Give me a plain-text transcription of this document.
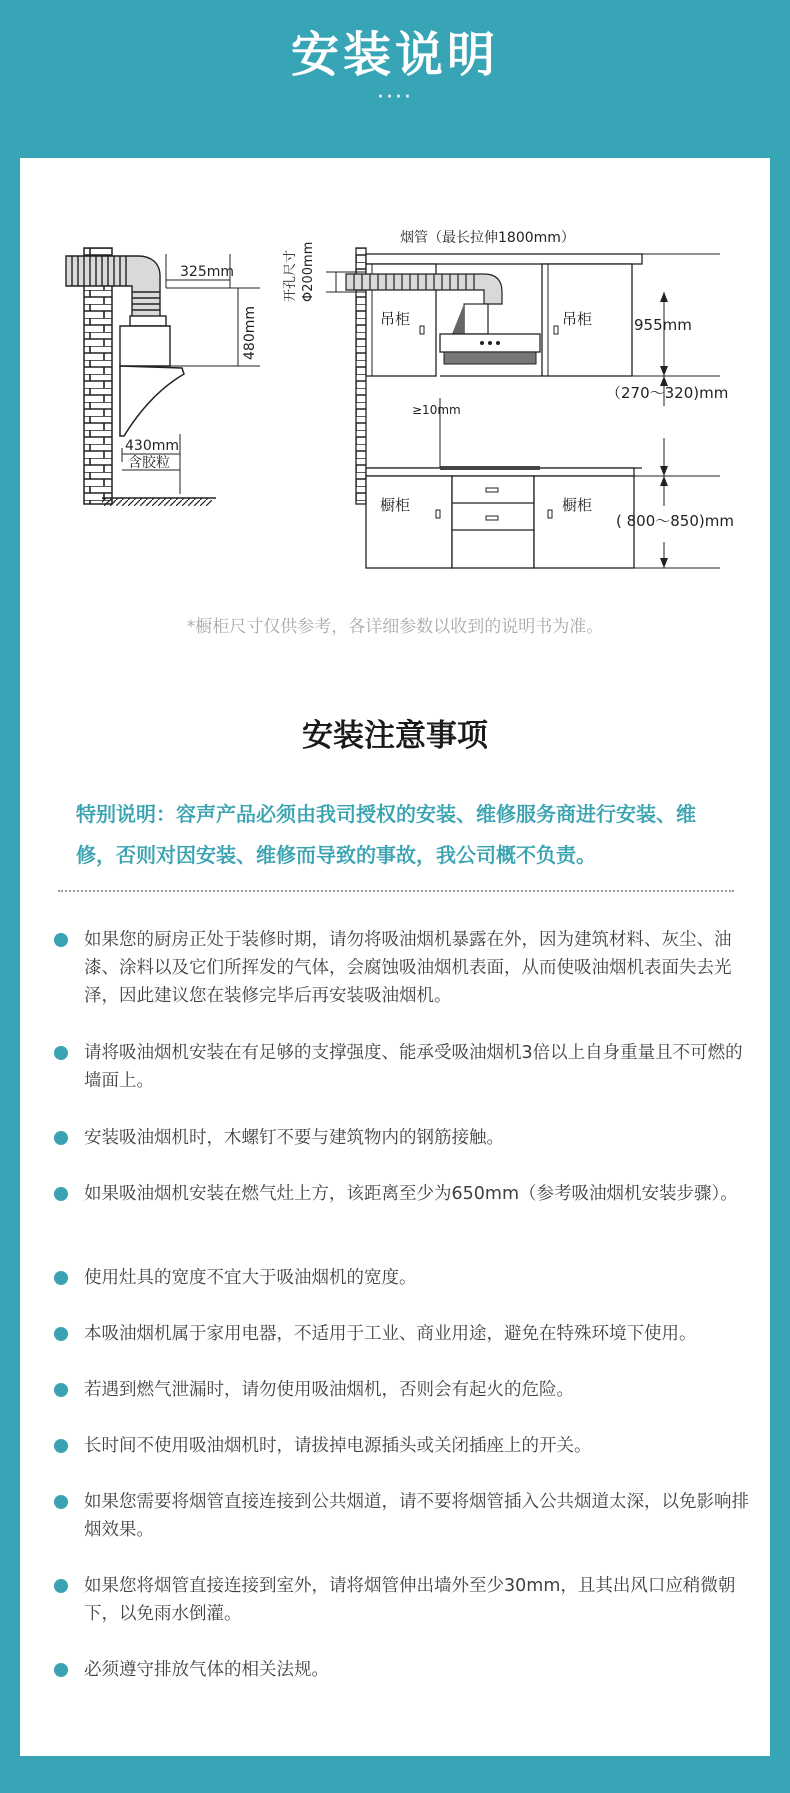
安装说明
····
325mm
480mm
430mm
含胶粒
烟管（最长拉伸1800mm）
开孔尺寸 Φ200mm
吊柜	吊柜	955mm
≥10mm
（270～320)mm
橱柜	橱柜
( 800～850)mm
*橱柜尺寸仅供参考，各详细参数以收到的说明书为准。
安装注意事项
特别说明：容声产品必须由我司授权的安装、维修服务商进行安装、维修，否则对因安装、维修而导致的事故，我公司概不负责。
如果您的厨房正处于装修时期，请勿将吸油烟机暴露在外，因为建筑材料、灰尘、油漆、涂料以及它们所挥发的气体，会腐蚀吸油烟机表面，从而使吸油烟机表面失去光泽，因此建议您在装修完毕后再安装吸油烟机。
请将吸油烟机安装在有足够的支撑强度、能承受吸油烟机3倍以上自身重量且不可燃的墙面上。
安装吸油烟机时，木螺钉不要与建筑物内的钢筋接触。
如果吸油烟机安装在燃气灶上方，该距离至少为650mm（参考吸油烟机安装步骤）。
使用灶具的宽度不宜大于吸油烟机的宽度。
本吸油烟机属于家用电器，不适用于工业、商业用途，避免在特殊环境下使用。
若遇到燃气泄漏时，请勿使用吸油烟机，否则会有起火的危险。
长时间不使用吸油烟机时，请拔掉电源插头或关闭插座上的开关。
如果您需要将烟管直接连接到公共烟道，请不要将烟管插入公共烟道太深，以免影响排烟效果。
如果您将烟管直接连接到室外，请将烟管伸出墙外至少30mm，且其出风口应稍微朝下，以免雨水倒灌。
必须遵守排放气体的相关法规。
